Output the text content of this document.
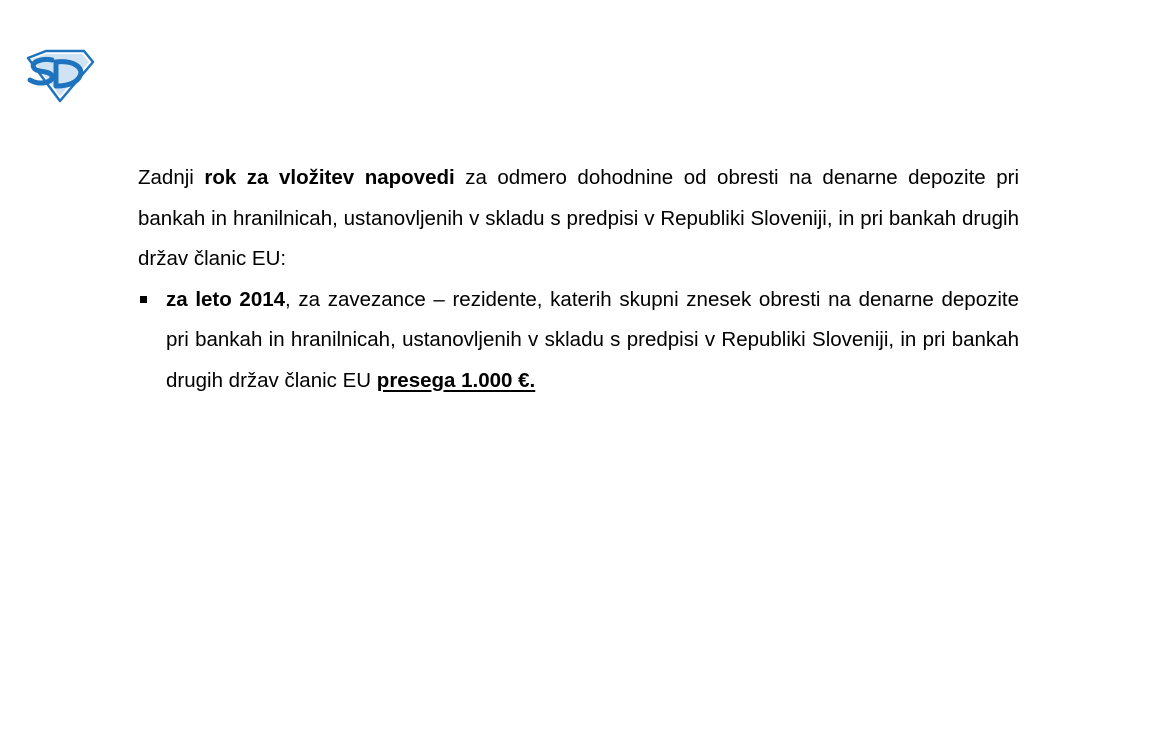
Zadnji rok za vložitev napovedi za odmero dohodnine od obresti na denarne depozite pri bankah in hranilnicah, ustanovljenih v skladu s predpisi v Republiki Sloveniji, in pri bankah drugih držav članic EU:

za leto 2014, za zavezance – rezidente, katerih skupni znesek obresti na denarne depozite pri bankah in hranilnicah, ustanovljenih v skladu s predpisi v Republiki Sloveniji, in pri bankah drugih držav članic EU presega 1.000 €.
